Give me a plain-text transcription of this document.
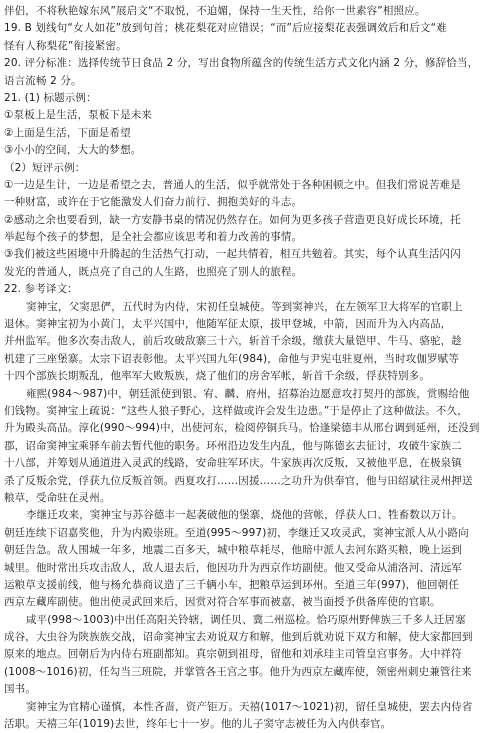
伴侣，不将秋艳嫁东风”展启文“不取悦，不迫媚，保持一生天性，给你一世素容”相照应。
19. B 划线句“女人如花”放到句首；桃花梨花对应错误；“而”后应接梨花表强调效后和后文“难
怪有人称梨花”衔接紧密。
20. 评分标准：选择传统节日食品 2 分，写出食物所蕴含的传统生活方式文化内涵 2 分，修辞恰当，
语言流畅 2 分。
21. (1) 标题示例：
①泵板上是生活，泵板下是未来
②上面是生活，下面是希望
③小小的空间，大大的梦想。
（2）短评示例：
①一边是生计，一边是希望之去，普通人的生活，似乎就常处于各种困顿之中。但我们常说苦难是
一种财富，或许在于它能激发人们奋力前行、拥抱美好的斗志。
②感动之余也要看到，缺一方安静书桌的情况仍然存在。如何为更多孩子营造更良好成长环境，托
举起每个孩子的梦想，是全社会都应该思考和着力改善的事情。
③我们被这些困境中升腾起的生活热气打动，一起共情着，相互共勉着。其实，每个认真生活闪闪
发光的普通人，既点亮了自己的人生路，也照亮了别人的旅程。
22. 参考译文：
窦神宝，父窦思俨，五代时为内侍，宋初任皇城使。等到窦神兴，在左领军卫大将军的官职上
退休。窦神宝初为小黄门，太平兴国中，他随军征太原，拔甲登城，中箭，因而升为入内高品，
并州监军。他多次奏击敌人，前后攻破敌寨三十六，斩首千余级，缴获大量铠甲、牛马、骆驼，趁
机建了三座堡寨。太宗下诏表彰他。太平兴国九年(984)，命他与尹宪屯驻夏州，当时攻伽罗赋等
十四个部族长期叛乱，他率军大败叛族，烧了他们的房舍军帐，斩首千余级，俘获特别多。
雍熙(984～987)中，朝廷派使到银、宥、麟、府州，招募治边愿意攻打契丹的部族，赏赐给他
们钱物。窦神宝上疏说：“这些人狼子野心，这样做或许会发生边患。”于是停止了这种做法。不久，
升为殿头高品。淳化(990～994)中，出使河东，检阅停铜兵马。恰逢梁德丰从邢台调到延州，还没到
郡，诏命窦神宝乘驿车前去暂代他的职务。环州沿边发生内乱，他与陈德玄去征讨，攻破牛家族二
十八部，并筹划从通道进入灵武的线路，安命驻军环庆。牛家族再次反叛，又被他平息，在极泉镇
杀了反叛余党，俘获九位反叛首领。西夏攻打……因援……之功升为供奉官，他与田绍斌往灵州押送
粮草，受命驻在灵州。
李继迁攻来，窦神宝与苏谷德丰一起袭破他的堡寨，烧他的营帐，俘获人口、牲畜数以万计。
朝廷连续下诏嘉奖他，升为内殿崇班。至道(995～997)初，李继迁又攻灵武，窦神宝派人从小路向
朝廷告急。敌人围城一年多，地震二百多天，城中粮草耗尽，他暗中派人去河东路买粮，晚上运到
城里。他时常出兵攻击敌人，敌人退去后，他因功升为西京作坊副使。他又受命从浦洛河、清远军
运粮草支援前线，他与杨允恭商议造了三千辆小车，把粮草运到环州。至道三年(997)，他回朝任
西京左藏库副使。他出使灵武回来后，因赏对符合军事而被嘉，被当面授予供备库使的官职。
咸平(998～1003)中出任高阳关铃辖，调任贝、冀二州巡检。恰巧原州野俾族三千多人迁居塞
成谷，大虫谷为陕族族交战，诏命窦神宝去劝说双方和解，他到后就劝说下双方和解，使大家都回到
原来的地点。回朝后为内侍右班副都知。真宗朝到祖母，留他和刘承珪主司管皇宫事务。大中祥符
(1008～1016)初，任勾当三班院，并掌管各王宫之事。他升为西京左藏库使，领密州刺史兼管往来
国书。
窦神宝为官精心谨慎，本性吝啬，资产钜万。天禧(1017～1021)初，留任皇城使，罢去内侍省
活职。天禧三年(1019)去世，终年七十一岁。他的儿子窦守志被任为入内供奉官。
